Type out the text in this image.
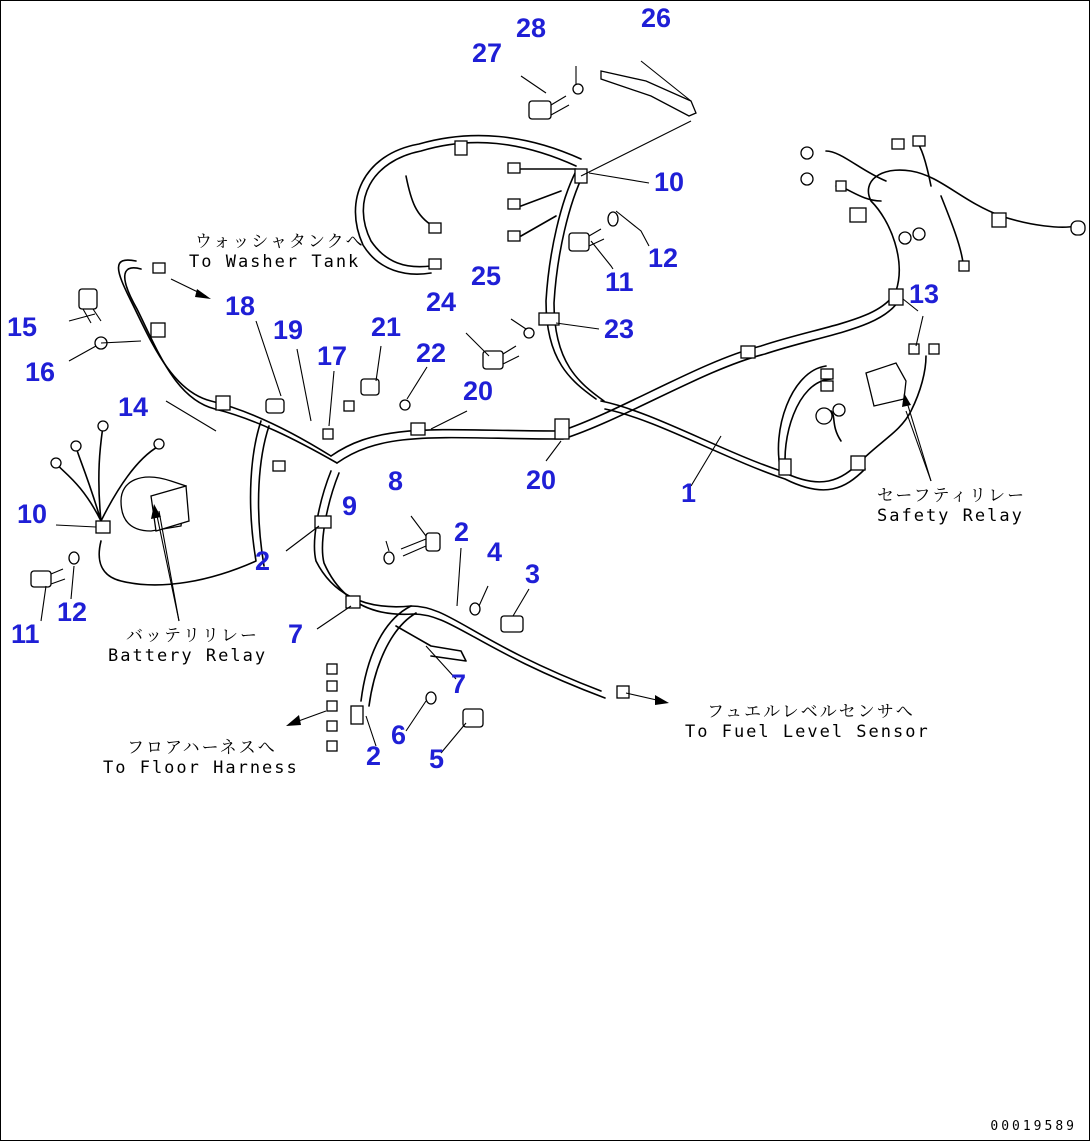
26
28
27
10
12
11
25
24
23
13
15
16
18
19
17
21
22
20
14
20	1
8
9
10
2
2	4
3
12
11	7
7
6
2 5
ウォッシャタンクへ
To Washer Tank
バッテリリレー
Battery Relay
セーフティリレー
Safety Relay
フュエルレベルセンサへ
To Fuel Level Sensor
フロアハーネスへ
To Floor Harness
00019589
